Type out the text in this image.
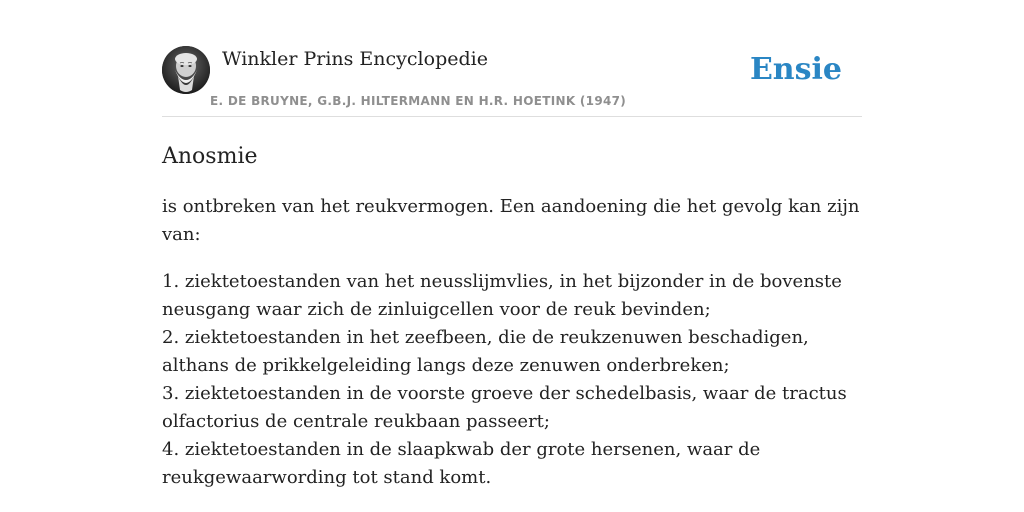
Winkler Prins Encyclopedie
E. DE BRUYNE, G.B.J. HILTERMANN EN H.R. HOETINK (1947)
Ensie
Anosmie

is ontbreken van het reukvermogen. Een aandoening die het gevolg kan zijn van:

1. ziektetoestanden van het neusslijmvlies, in het bijzonder in de bovenste neusgang waar zich de zinluigcellen voor de reuk bevinden;

2. ziektetoestanden in het zeefbeen, die de reukzenuwen beschadigen, althans de prikkelgeleiding langs deze zenuwen onderbreken;

3. ziektetoestanden in de voorste groeve der schedelbasis, waar de tractus olfactorius de centrale reukbaan passeert;

4. ziektetoestanden in de slaapkwab der grote hersenen, waar de reukgewaarwording tot stand komt.
